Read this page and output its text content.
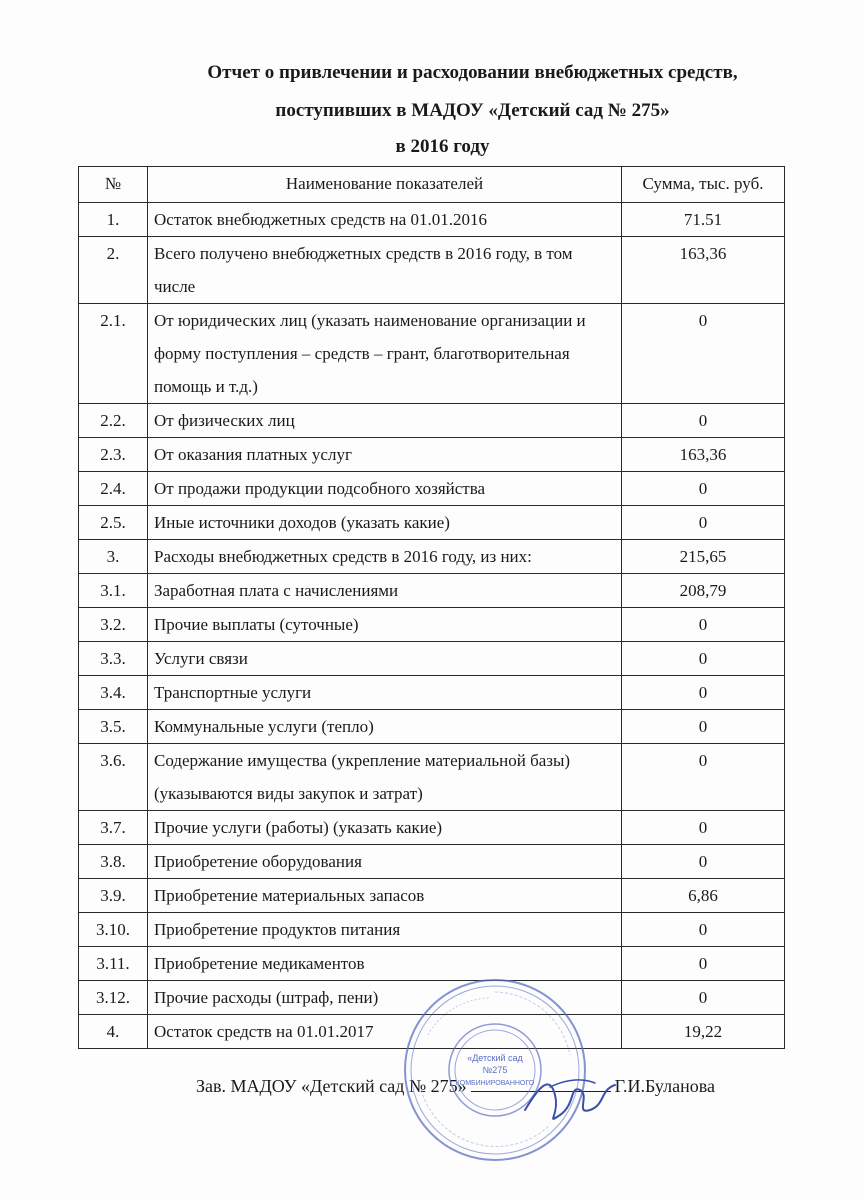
Отчет о привлечении и расходовании внебюджетных средств,
поступивших в МАДОУ «Детский сад № 275»
в 2016 году
№	Наименование показателей	Сумма, тыс. руб.
1.	Остаток внебюджетных средств на 01.01.2016	71.51
2.	Всего получено внебюджетных средств в 2016 году, в том числе	163,36
2.1.	От юридических лиц (указать наименование организации и форму поступления – средств – грант, благотворительная помощь и т.д.)	0
2.2.	От физических лиц	0
2.3.	От оказания платных услуг	163,36
2.4.	От продажи продукции подсобного хозяйства	0
2.5.	Иные источники доходов (указать какие)	0
3.	Расходы внебюджетных средств в 2016 году, из них:	215,65
3.1.	Заработная плата с начислениями	208,79
3.2.	Прочие выплаты (суточные)	0
3.3.	Услуги связи	0
3.4.	Транспортные услуги	0
3.5.	Коммунальные услуги (тепло)	0
3.6.	Содержание имущества (укрепление материальной базы) (указываются виды закупок и затрат)	0
3.7.	Прочие услуги (работы) (указать какие)	0
3.8.	Приобретение оборудования	0
3.9.	Приобретение материальных запасов	6,86
3.10.	Приобретение продуктов питания	0
3.11.	Приобретение медикаментов	0
3.12.	Прочие расходы (штраф, пени)	0
4.	Остаток средств на 01.01.2017	19,22
Зав. МАДОУ «Детский сад № 275»	Г.И.Буланова
«Детский сад
№275
КОМБИНИРОВАННОГО
